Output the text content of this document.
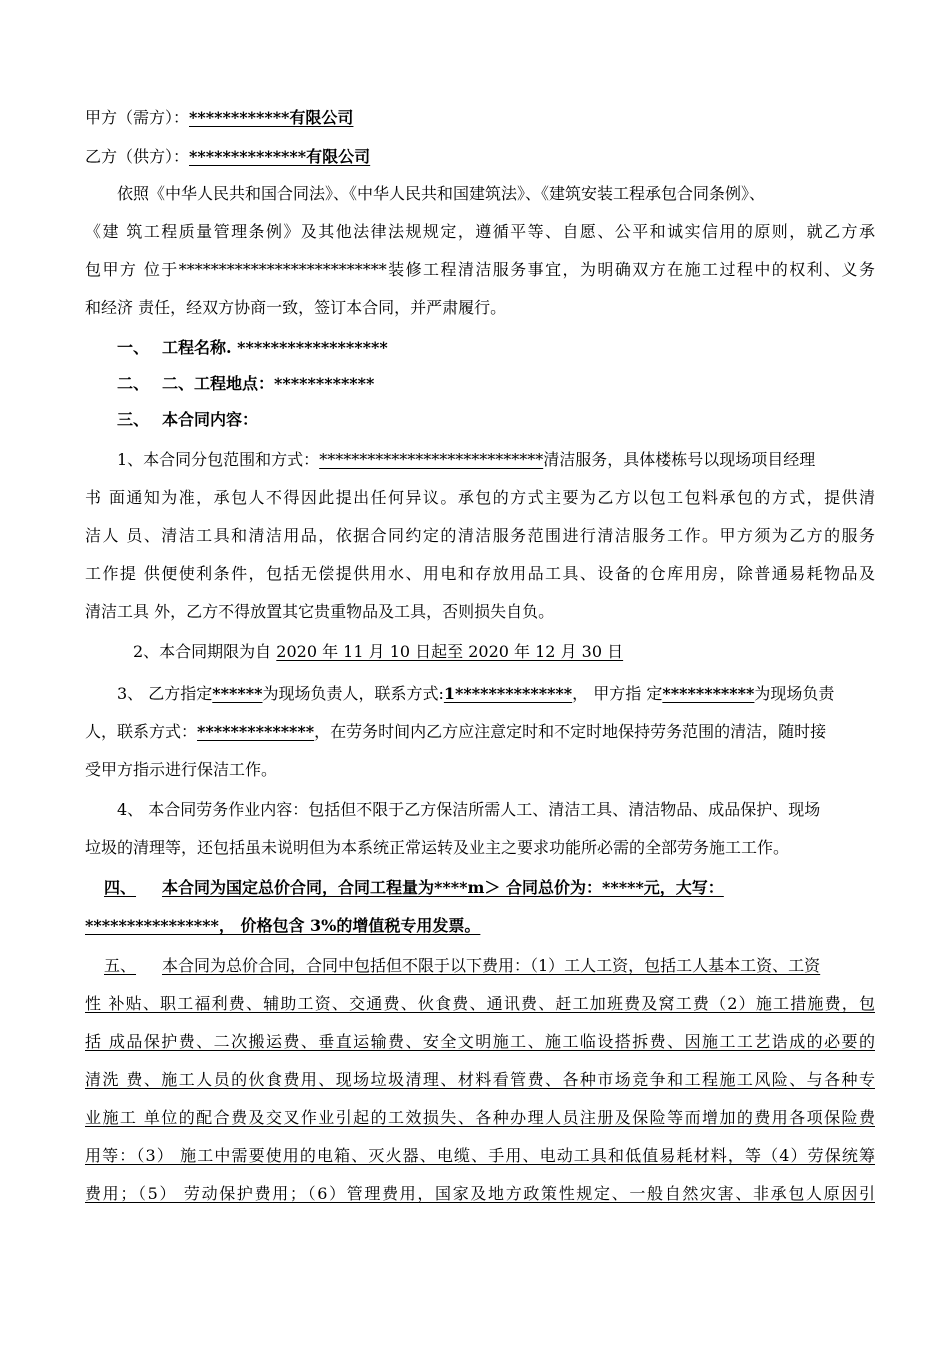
甲方（需方）：************有限公司
乙方（供方）：**************有限公司
依照《中华人民共和国合同法》、《中华人民共和国建筑法》、《建筑安装工程承包合同条例》、
《建 筑工程质量管理条例》及其他法律法规规定，遵循平等、自愿、公平和诚实信用的原则，就乙方承
包甲方 位于**************************装修工程清洁服务事宜，为明确双方在施工过程中的权利、义务
和经济 责任，经双方协商一致，签订本合同，并严肃履行。
一、 工程名称. ******************
二、 二、工程地点：************
三、 本合同内容：
1、本合同分包范围和方式：****************************清洁服务，具体楼栋号以现场项目经理
书 面通知为准，承包人不得因此提出任何异议。承包的方式主要为乙方以包工包料承包的方式，提供清
洁人 员、清洁工具和清洁用品，依据合同约定的清洁服务范围进行清洁服务工作。甲方须为乙方的服务
工作提 供便使利条件，包括无偿提供用水、用电和存放用品工具、设备的仓库用房，除普通易耗物品及
清洁工具 外，乙方不得放置其它贵重物品及工具，否则损失自负。
2、本合同期限为自 2020 年 11 月 10 日起至 2020 年 12 月 30 日
3、 乙方指定******为现场负责人，联系方式:1**************， 甲方指 定***********为现场负责
人，联系方式：**************，在劳务时间内乙方应注意定时和不定时地保持劳务范围的清洁，随时接
受甲方指示进行保洁工作。
4、 本合同劳务作业内容：包括但不限于乙方保洁所需人工、清洁工具、清洁物品、成品保护、现场
垃圾的清理等，还包括虽未说明但为本系统正常运转及业主之要求功能所必需的全部劳务施工工作。
四、 本合同为国定总价合同，合同工程量为****m＞ 合同总价为：*****元，大写：
****************， 价格包含 3%的增值税专用发票。
五、 本合同为总价合同，合同中包括但不限于以下费用：（1）工人工资，包括工人基本工资、工资
性 补贴、职工福利费、辅助工资、交通费、伙食费、通讯费、赶工加班费及窝工费（2）施工措施费，包
括 成品保护费、二次搬运费、垂直运输费、安全文明施工、施工临设搭拆费、因施工工艺诰成的必要的
清洗 费、施工人员的伙食费用、现场垃圾清理、材料看管费、各种市场竞争和工程施工风险、与各种专
业施工 单位的配合费及交叉作业引起的工效损失、各种办理人员注册及保险等而增加的费用各项保险费
用等：（3） 施工中需要使用的电箱、灭火器、电缆、手用、电动工具和低值易耗材料，等（4）劳保统筹
费用；（5） 劳动保护费用；（6）管理费用，国家及地方政策性规定、一般自然灾害、非承包人原因引
